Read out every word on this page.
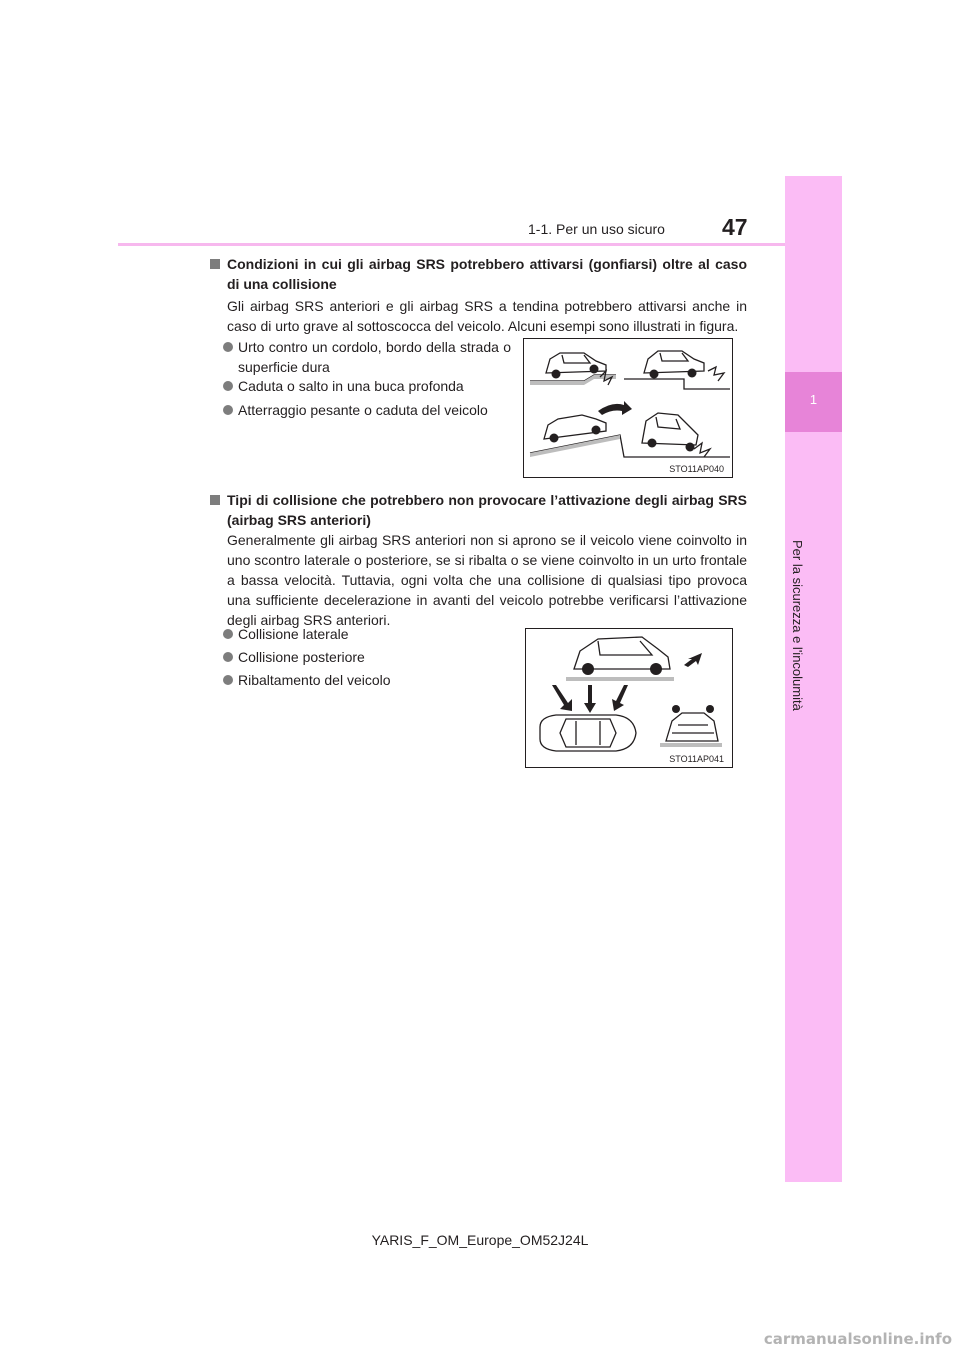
1-1. Per un uso sicuro 47
1
Per la sicurezza e l'incolumità
Condizioni in cui gli airbag SRS potrebbero attivarsi (gonfiarsi) oltre al caso di una collisione
Gli airbag SRS anteriori e gli airbag SRS a tendina potrebbero attivarsi anche in caso di urto grave al sottoscocca del veicolo. Alcuni esempi sono illustrati in figura.
Urto contro un cordolo, bordo della strada o superficie dura
Caduta o salto in una buca profonda
Atterraggio pesante o caduta del veicolo
STO11AP040
Tipi di collisione che potrebbero non provocare l’attivazione degli airbag SRS (airbag SRS anteriori)
Generalmente gli airbag SRS anteriori non si aprono se il veicolo viene coinvolto in uno scontro laterale o posteriore, se si ribalta o se viene coinvolto in un urto frontale a bassa velocità. Tuttavia, ogni volta che una collisione di qualsiasi tipo provoca una sufficiente decelerazione in avanti del veicolo potrebbe verificarsi l’attivazione degli airbag SRS anteriori.
Collisione laterale
Collisione posteriore
Ribaltamento del veicolo
STO11AP041
YARIS_F_OM_Europe_OM52J24L
carmanualsonline.info
